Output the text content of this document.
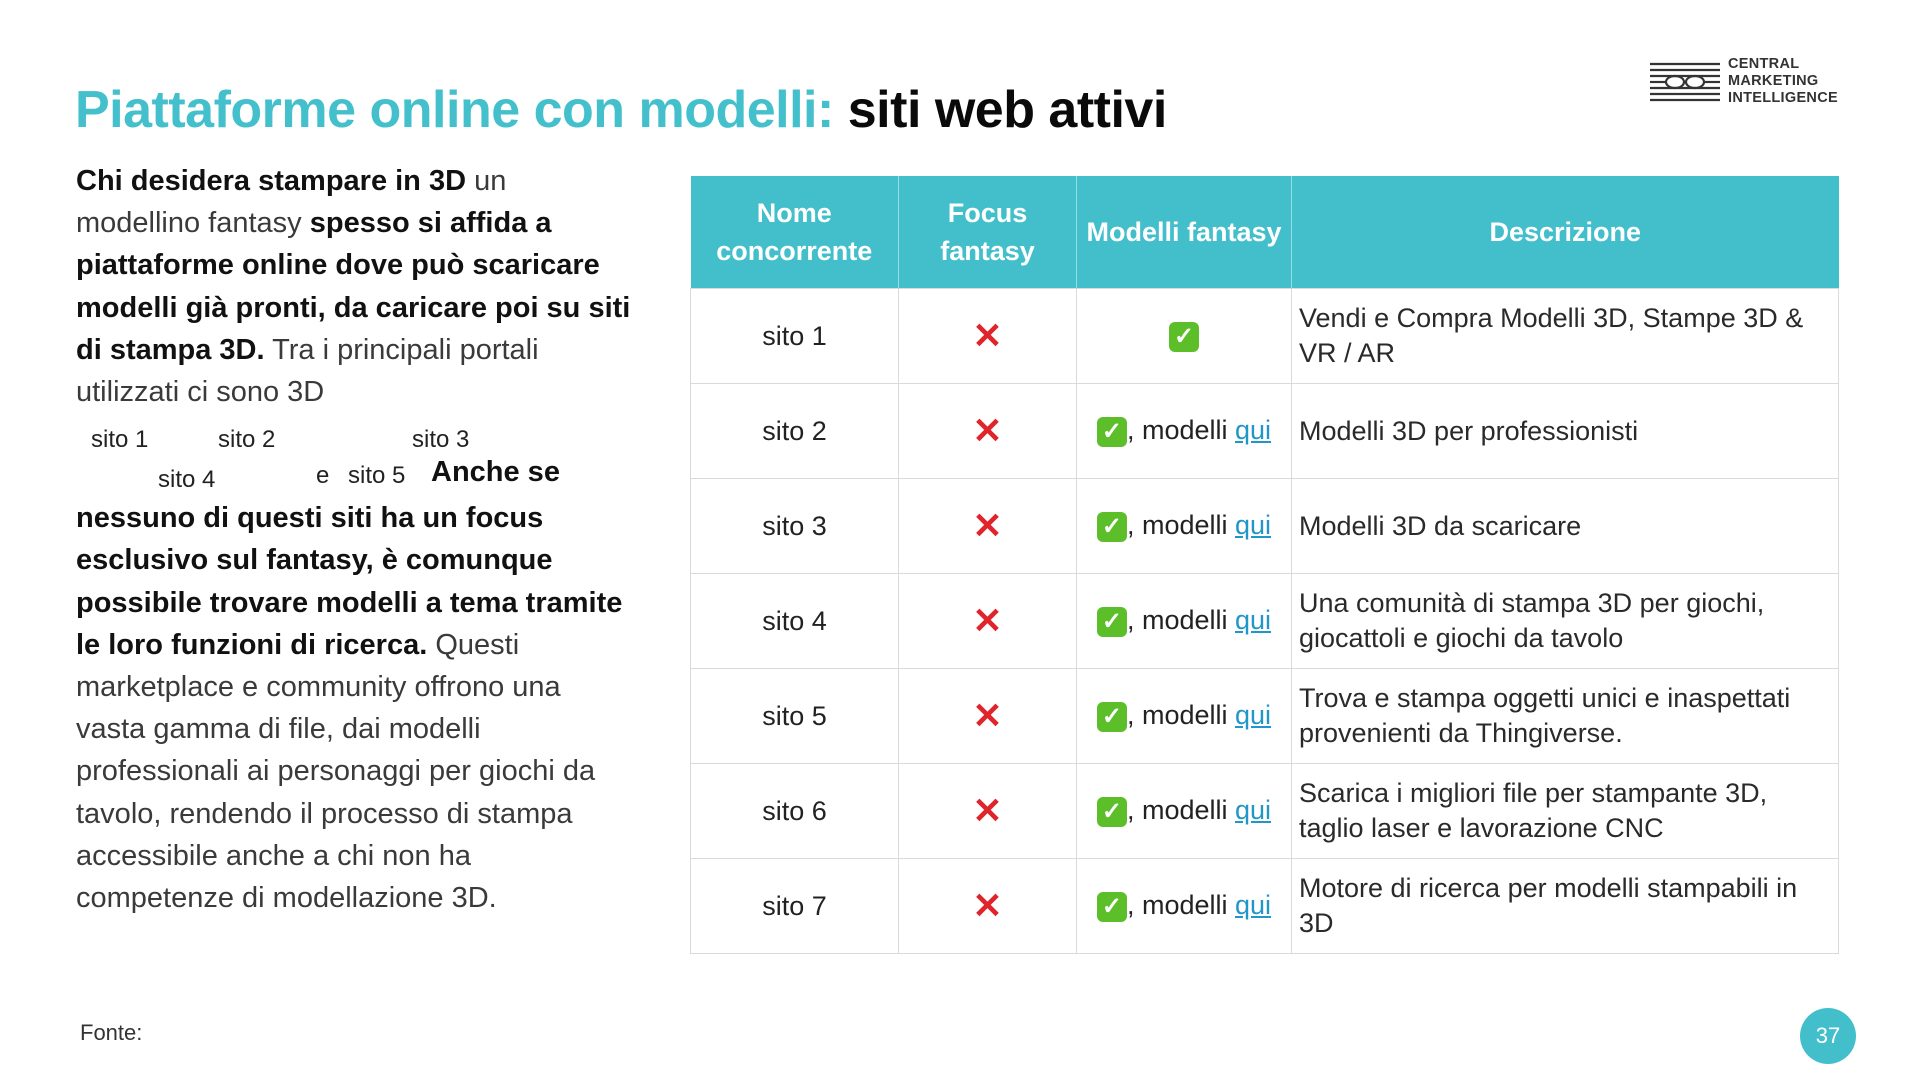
Piattaforme online con modelli: siti web attivi
CENTRAL
MARKETING
INTELLIGENCE
Chi desidera stampare in 3D un modellino fantasy spesso si affida a piattaforme online dove può scaricare modelli già pronti, da caricare poi su siti di stampa 3D. Tra i principali portali utilizzati ci sono 3D
sito 1	sito 2	sito 3
sito 4	e sito 5 Anche se
nessuno di questi siti ha un focus esclusivo sul fantasy, è comunque possibile trovare modelli a tema tramite le loro funzioni di ricerca. Questi marketplace e community offrono una vasta gamma di file, dai modelli professionali ai personaggi per giochi da tavolo, rendendo il processo di stampa accessibile anche a chi non ha competenze di modellazione 3D.
Nome concorrente	Focus fantasy	Modelli fantasy	Descrizione
sito 1	✕	✓	Vendi e Compra Modelli 3D, Stampe 3D & VR / AR
sito 2	✕	✓ , modelli qui	Modelli 3D per professionisti
sito 3	✕	✓ , modelli qui	Modelli 3D da scaricare
sito 4	✕	✓ , modelli qui	Una comunità di stampa 3D per giochi, giocattoli e giochi da tavolo
sito 5	✕	✓ , modelli qui	Trova e stampa oggetti unici e inaspettati provenienti da Thingiverse.
sito 6	✕	✓ , modelli qui	Scarica i migliori file per stampante 3D, taglio laser e lavorazione CNC
sito 7	✕	✓ , modelli qui	Motore di ricerca per modelli stampabili in 3D
Fonte:	37
